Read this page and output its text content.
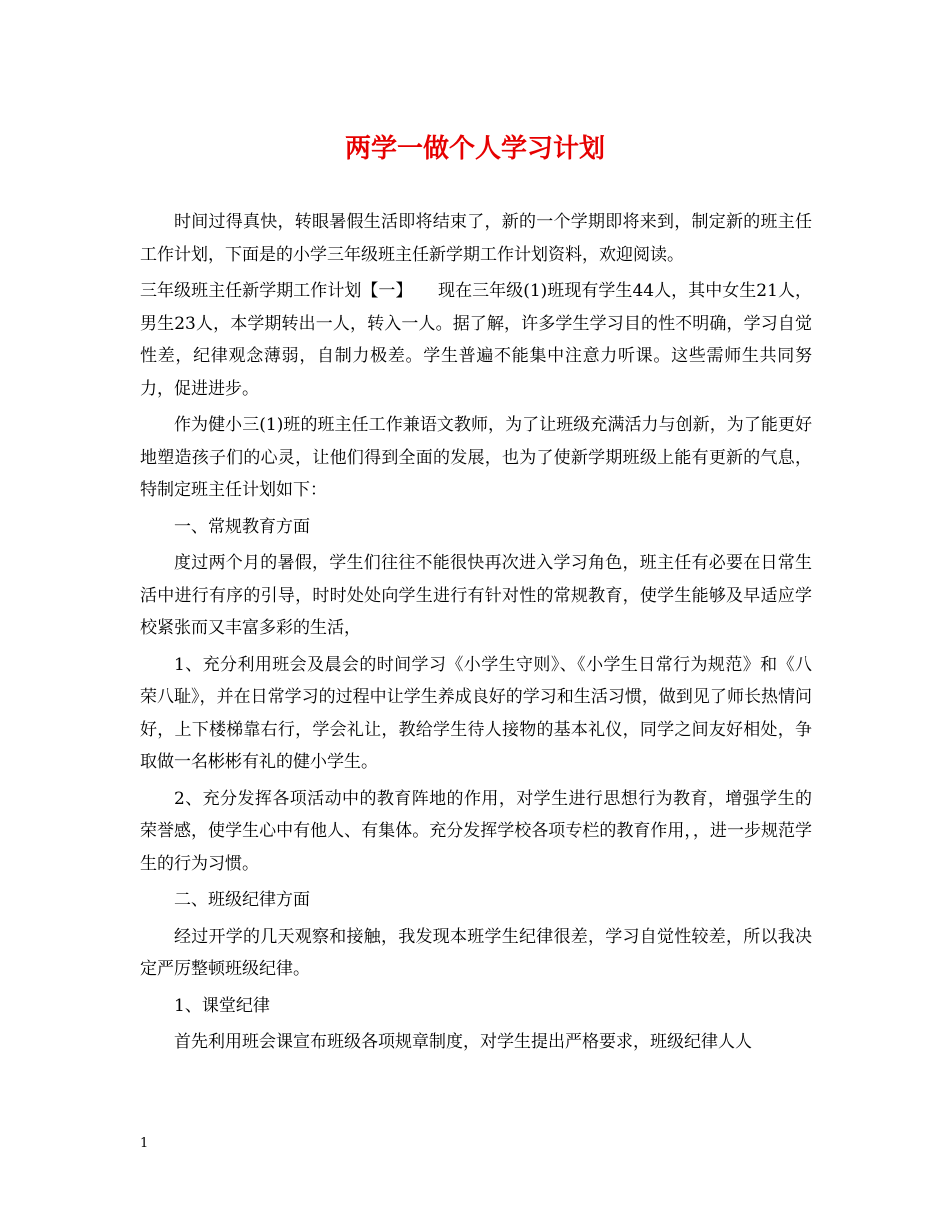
两学一做个人学习计划

时间过得真快，转眼暑假生活即将结束了，新的一个学期即将来到，制定新的班主任工作计划，下面是的小学三年级班主任新学期工作计划资料，欢迎阅读。

三年级班主任新学期工作计划【一】　　现在三年级(1)班现有学生44人，其中女生21人，男生23人，本学期转出一人，转入一人。据了解，许多学生学习目的性不明确，学习自觉性差，纪律观念薄弱，自制力极差。学生普遍不能集中注意力听课。这些需师生共同努力，促进进步。

作为健小三(1)班的班主任工作兼语文教师，为了让班级充满活力与创新，为了能更好地塑造孩子们的心灵，让他们得到全面的发展，也为了使新学期班级上能有更新的气息，特制定班主任计划如下：

一、常规教育方面

度过两个月的暑假，学生们往往不能很快再次进入学习角色，班主任有必要在日常生活中进行有序的引导，时时处处向学生进行有针对性的常规教育，使学生能够及早适应学校紧张而又丰富多彩的生活，

1、充分利用班会及晨会的时间学习《小学生守则》、《小学生日常行为规范》和《八荣八耻》，并在日常学习的过程中让学生养成良好的学习和生活习惯，做到见了师长热情问好，上下楼梯靠右行，学会礼让，教给学生待人接物的基本礼仪，同学之间友好相处，争取做一名彬彬有礼的健小学生。

2、充分发挥各项活动中的教育阵地的作用，对学生进行思想行为教育，增强学生的荣誉感，使学生心中有他人、有集体。充分发挥学校各项专栏的教育作用，，进一步规范学生的行为习惯。

二、班级纪律方面

经过开学的几天观察和接触，我发现本班学生纪律很差，学习自觉性较差，所以我决定严厉整顿班级纪律。

1、课堂纪律

首先利用班会课宣布班级各项规章制度，对学生提出严格要求，班级纪律人人

1
